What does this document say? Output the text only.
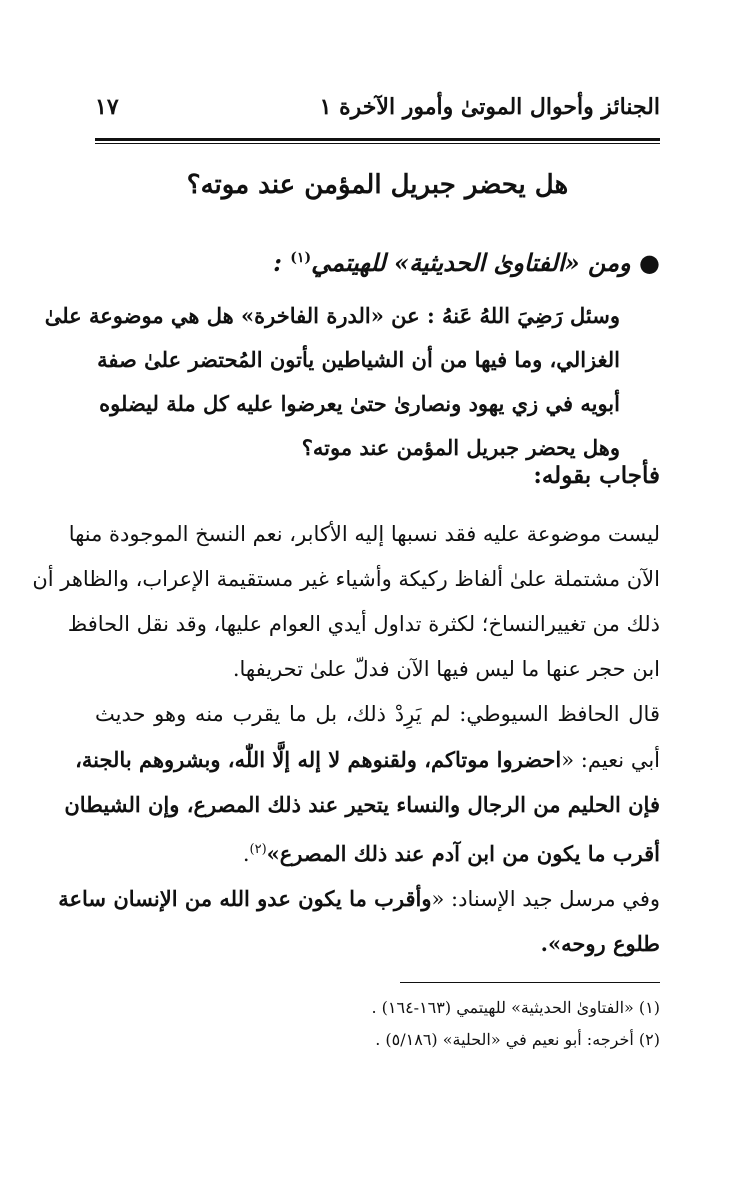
الجنائز وأحوال الموتىٰ وأمور الآخرة ١
١٧
هل يحضر جبريل المؤمن عند موته؟
● ومن «الفتاوىٰ الحديثية» للهيتمي$^{(١)}$ :

وسئل رَضِيَ اللهُ عَنهُ : عن «الدرة الفاخرة» هل هي موضوعة علىٰ

الغزالي، وما فيها من أن الشياطين يأتون المُحتضر علىٰ صفة

أبويه في زي يهود ونصارىٰ حتىٰ يعرضوا عليه كل ملة ليضلوه

وهل يحضر جبريل المؤمن عند موته؟

فأجاب بقوله:

ليست موضوعة عليه فقد نسبها إليه الأكابر، نعم النسخ الموجودة منها

الآن مشتملة علىٰ ألفاظ ركيكة وأشياء غير مستقيمة الإعراب، والظاهر أن

ذلك من تغييرالنساخ؛ لكثرة تداول أيدي العوام عليها، وقد نقل الحافظ

ابن حجر عنها ما ليس فيها الآن فدلّ علىٰ تحريفها.

قال الحافظ السيوطي: لم يَرِدْ ذلك، بل ما يقرب منه وهو حديث

أبي نعيم: «احضروا موتاكم، ولقنوهم لا إله إلَّا اللّٰه، وبشروهم بالجنة،

فإن الحليم من الرجال والنساء يتحير عند ذلك المصرع، وإن الشيطان

أقرب ما يكون من ابن آدم عند ذلك المصرع»$^{(٢)}$.

وفي مرسل جيد الإسناد: «وأقرب ما يكون عدو الله من الإنسان ساعة

طلوع روحه».

(١) «الفتاوىٰ الحديثية» للهيتمي (١٦٣-١٦٤) .

(٢) أخرجه: أبو نعيم في «الحلية» (٥/١٨٦) .
